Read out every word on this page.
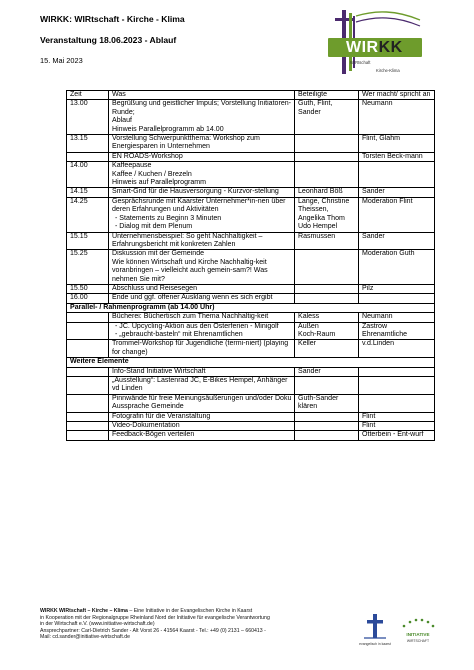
WIRKK: WIRtschaft - Kirche - Klima
Veranstaltung 18.06.2023 - Ablauf
15. Mai 2023
WIRKK
WIRtschaft
Kirche-Klima
Zeit	Was	Beteiligte	Wer macht/ spricht an
13.00	Begrüßung und geistlicher Impuls; Vorstellung Initiatoren-Runde;
Ablauf
Hinweis Parallelprogramm ab 14.00	Guth, Flint, Sander	Neumann
13.15	Vorstellung Schwerpunktthema: Workshop zum Energiesparen in Unternehmen		Flint, Glahm

	EN ROADS-Workshop		Torsten Beck-mann
14.00	Kaffeepause
Kaffee / Kuchen / Brezeln
Hinweis auf Parallelprogramm		

14.15	Smart-Grid für die Hausversorgung - Kurzvor-stellung	Leonhard Böß	Sander
14.25	Gesprächsrunde mit Kaarster Unternehmer*in-nen über deren Erfahrungen und Aktivitäten
- Statements zu Beginn 3 Minuten
- Dialog mit dem Plenum	Lange, Christine Theissen, Angelika Thom Udo Hempel	Moderation Flint
15.15	Unternehmensbeispiel: So geht Nachhaltigkeit – Erfahrungsbericht mit konkreten Zahlen	Rasmussen	Sander
15.25	Diskussion mit der Gemeinde
Wie können Wirtschaft und Kirche Nachhaltig-keit voranbringen – vielleicht auch gemein-sam?! Was nehmen Sie mit?		Moderation Guth
15.50	Abschluss und Reisesegen		Pilz
16.00	Ende und ggf. offener Ausklang wenn es sich ergibt		

Parallel- / Rahmenprogramm (ab 14.00 Uhr)			

	Bücherei: Büchertisch zum Thema Nachhaltig-keit	Kaless	Neumann

	- JC. Upcycling-Aktion aus den Osterferien - Minigolf
- „gebraucht-basteln“ mit Ehrenamtlichen	Außen
Koch-Raum	Zastrow
Ehrenamtliche

	Trommel-Workshop für Jugendliche (termi-niert) (playing for change)	Keller	v.d.Linden
Weitere Elemente			

	Info-Stand Initiative Wirtschaft	Sander	

	„Ausstellung“: Lastenrad JC, E-Bikes Hempel, Anhänger vd Linden		

	Pinnwände für freie Meinungsäußerungen und/oder Doku Aussprache Gemeinde	Guth-Sander klären	

	Fotografin für die Veranstaltung		Flint

	Video-Dokumentation		Flint

	Feedback-Bögen verteilen		Otterbein - Ent-wurf
WIRKK WIRtschaft – Kirche – Klima – Eine Initiative in der Evangelischen Kirche in Kaarst
in Kooperation mit der Regionalgruppe Rheinland Nord der Initiative für evangelische Verantwortung
in der Wirtschaft e.V. (www.initiative-wirtschaft.de)
Ansprechpartner: Carl-Dietrich Sander - Alt Vorst 26 - 41564 Kaarst - Tel.: +49 (0) 2131 – 660413 -
Mail: cd.sander@initiative-wirtschaft.de
evangelisch in kaarst
INITIATIVE
WIRTSCHAFT
